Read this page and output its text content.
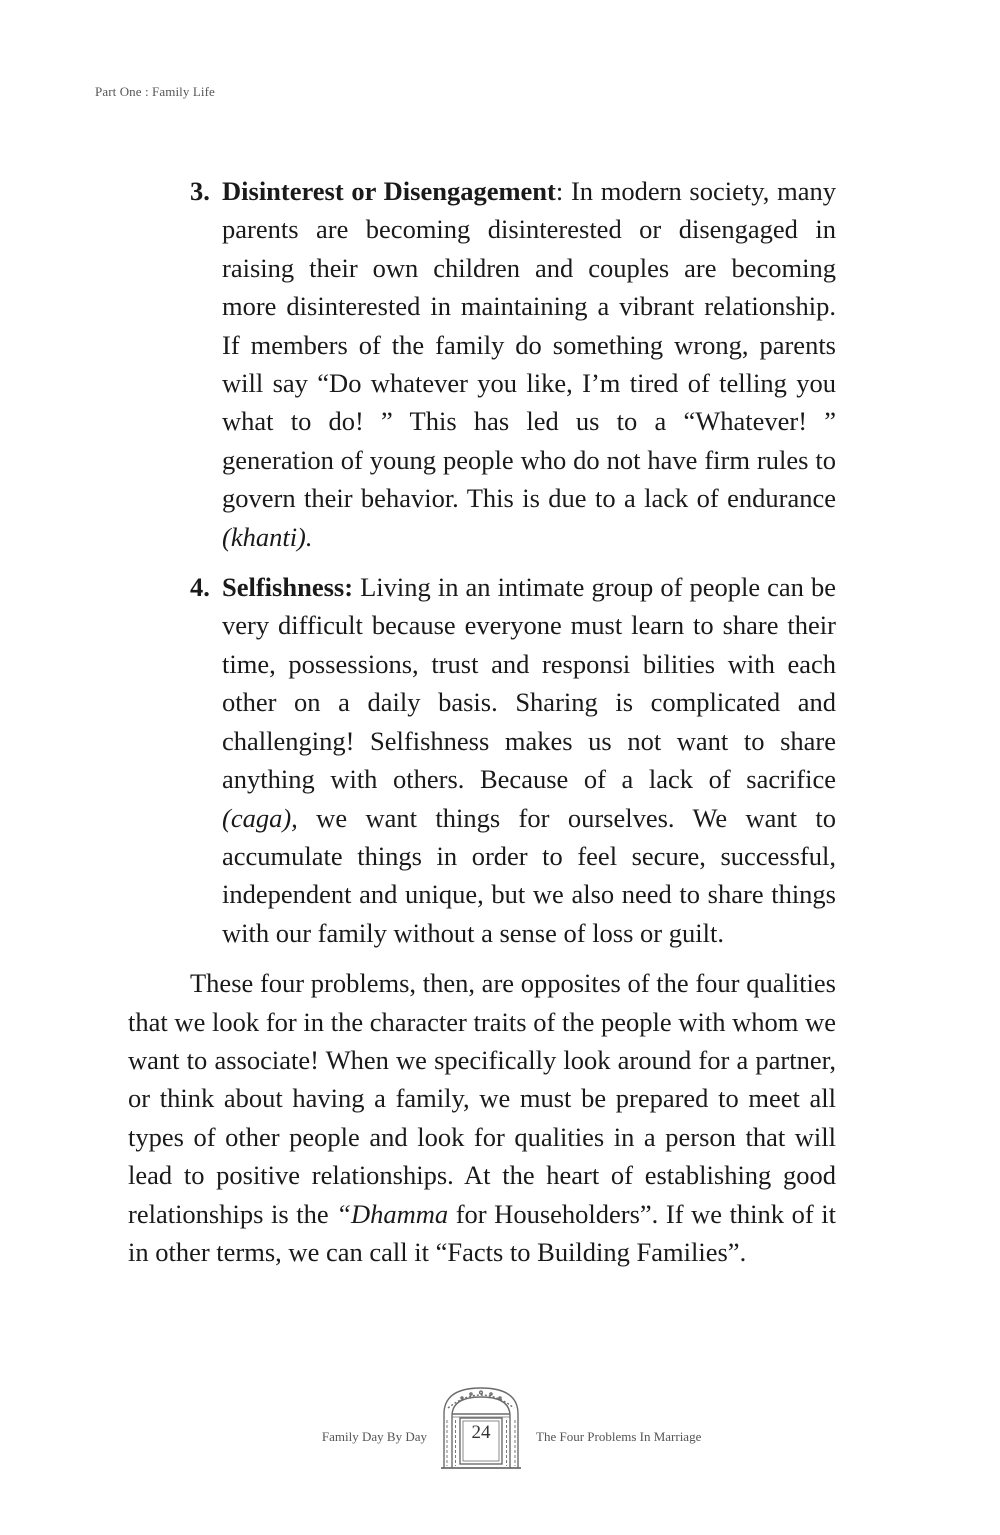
Part One : Family Life
3. Disinterest or Disengagement: In modern society, many parents are becoming disinterested or disengaged in raising their own children and couples are becoming more disinterested in maintaining a vibrant relationship. If members of the family do something wrong, parents will say “Do whatever you like, I’m tired of telling you what to do! ” This has led us to a “Whatever! ” generation of young people who do not have firm rules to govern their behavior. This is due to a lack of endurance (khanti).
4. Selfishness: Living in an intimate group of people can be very difficult because everyone must learn to share their time, possessions, trust and responsi bilities with each other on a daily basis. Sharing is complicated and challenging! Selfishness makes us not want to share anything with others. Because of a lack of sacrifice (caga), we want things for ourselves. We want to accumulate things in order to feel secure, successful, independent and unique, but we also need to share things with our family without a sense of loss or guilt.

These four problems, then, are opposites of the four qualities that we look for in the character traits of the people with whom we want to associate! When we specifically look around for a partner, or think about having a family, we must be prepared to meet all types of other people and look for qualities in a person that will lead to positive relationships. At the heart of establishing good relationships is the “Dhamma for Householders”. If we think of it in other terms, we can call it “Facts to Building Families”.

Family Day By Day	24	The Four Problems In Marriage
